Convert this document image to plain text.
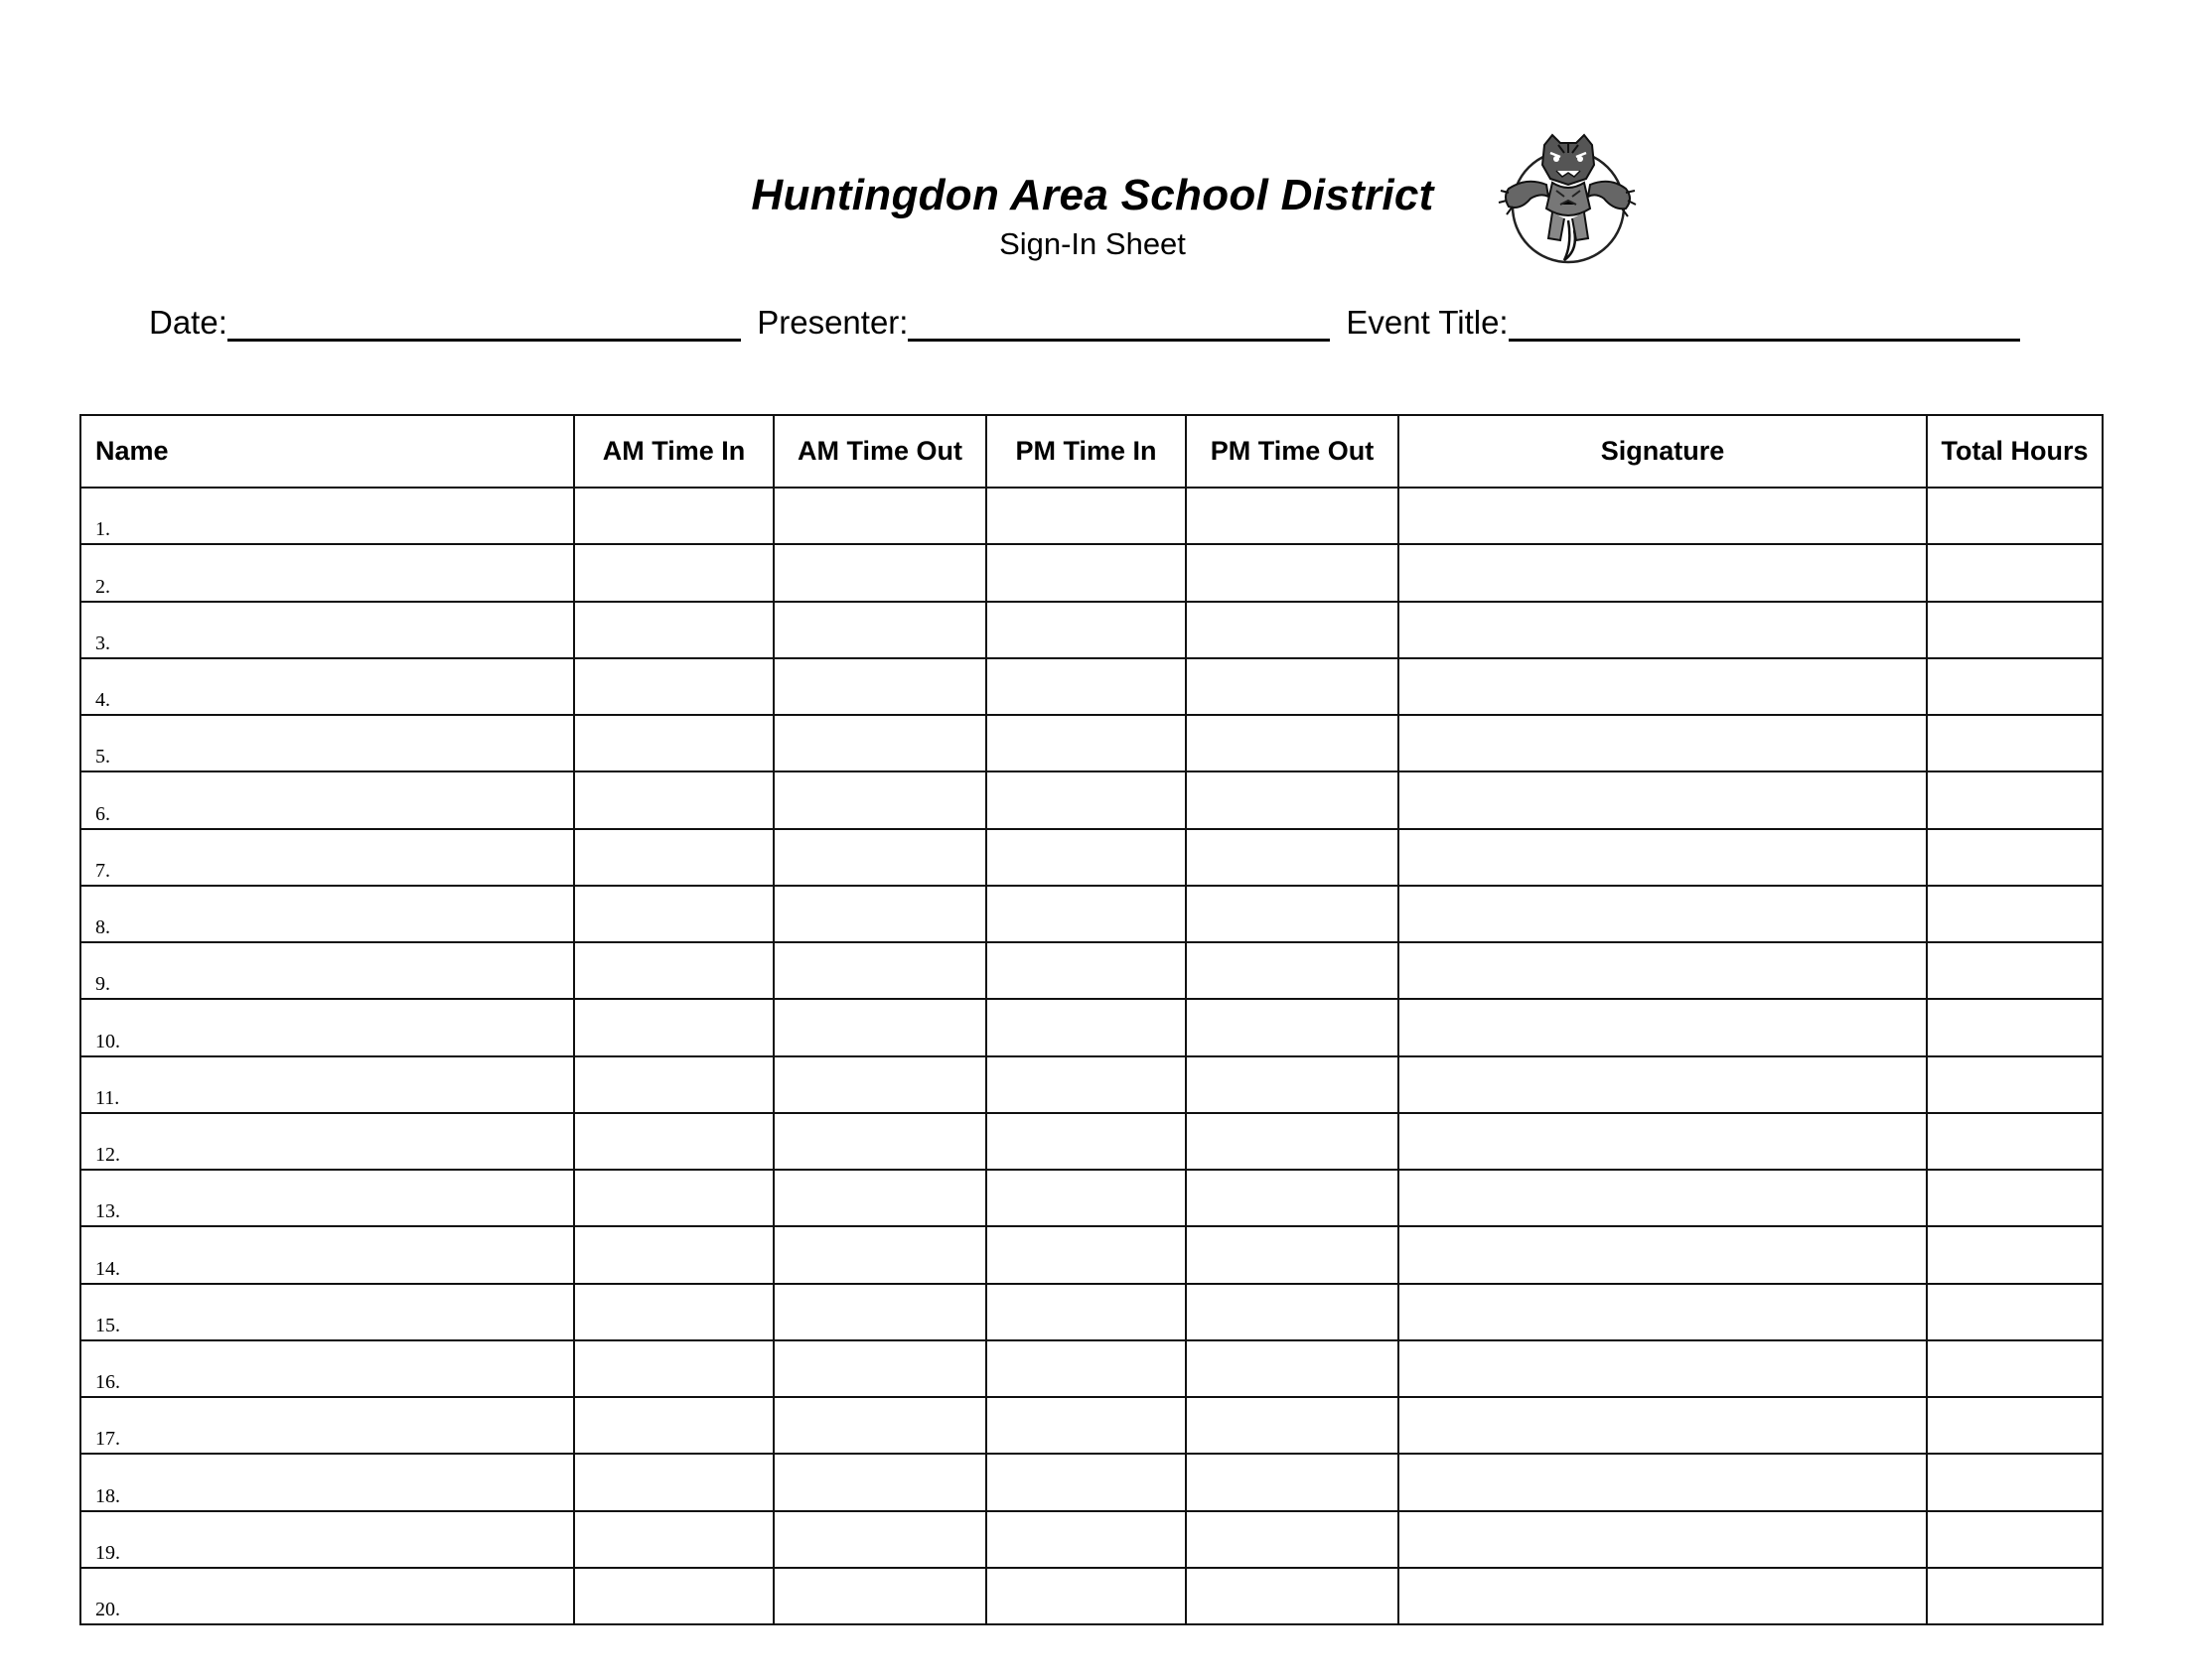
Huntingdon Area School District
Sign-In Sheet
Date:	Presenter:	Event Title:
Name	AM Time In	AM Time Out	PM Time In	PM Time Out	Signature	Total Hours

1.						

2.						

3.						

4.						

5.						

6.						

7.						

8.						

9.						

10.						

11.						

12.						

13.						

14.						

15.						

16.						

17.						

18.						

19.						

20.						
